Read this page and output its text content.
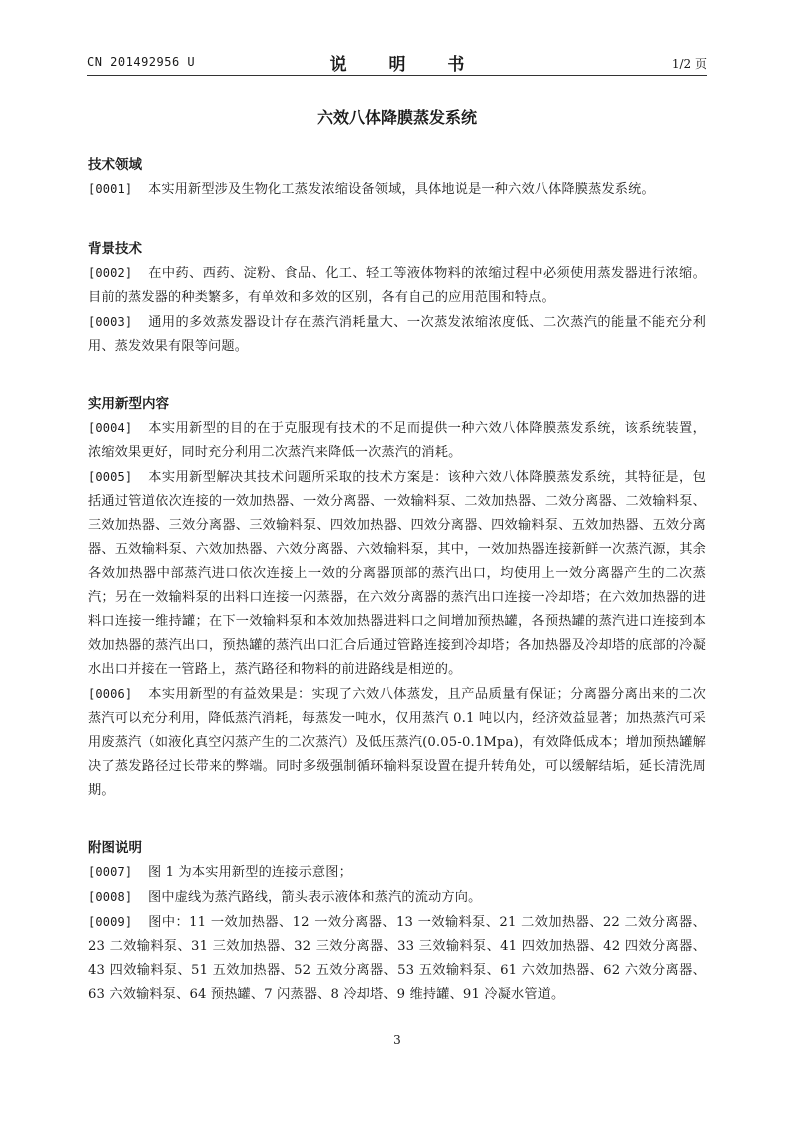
CN 201492956 U	说 明 书	1/2 页
六效八体降膜蒸发系统
技术领域
[0001] 本实用新型涉及生物化工蒸发浓缩设备领域，具体地说是一种六效八体降膜蒸发系统。
背景技术
[0002] 在中药、西药、淀粉、食品、化工、轻工等液体物料的浓缩过程中必须使用蒸发器进行浓缩。目前的蒸发器的种类繁多，有单效和多效的区别，各有自己的应用范围和特点。
[0003] 通用的多效蒸发器设计存在蒸汽消耗量大、一次蒸发浓缩浓度低、二次蒸汽的能量不能充分利用、蒸发效果有限等问题。
实用新型内容
[0004] 本实用新型的目的在于克服现有技术的不足而提供一种六效八体降膜蒸发系统，该系统装置，浓缩效果更好，同时充分利用二次蒸汽来降低一次蒸汽的消耗。
[0005] 本实用新型解决其技术问题所采取的技术方案是：该种六效八体降膜蒸发系统，其特征是，包括通过管道依次连接的一效加热器、一效分离器、一效输料泵、二效加热器、二效分离器、二效输料泵、三效加热器、三效分离器、三效输料泵、四效加热器、四效分离器、四效输料泵、五效加热器、五效分离器、五效输料泵、六效加热器、六效分离器、六效输料泵，其中，一效加热器连接新鲜一次蒸汽源，其余各效加热器中部蒸汽进口依次连接上一效的分离器顶部的蒸汽出口，均使用上一效分离器产生的二次蒸汽；另在一效输料泵的出料口连接一闪蒸器，在六效分离器的蒸汽出口连接一冷却塔；在六效加热器的进料口连接一维持罐；在下一效输料泵和本效加热器进料口之间增加预热罐，各预热罐的蒸汽进口连接到本效加热器的蒸汽出口，预热罐的蒸汽出口汇合后通过管路连接到冷却塔；各加热器及冷却塔的底部的冷凝水出口并接在一管路上，蒸汽路径和物料的前进路线是相逆的。
[0006] 本实用新型的有益效果是：实现了六效八体蒸发，且产品质量有保证；分离器分离出来的二次蒸汽可以充分利用，降低蒸汽消耗，每蒸发一吨水，仅用蒸汽 0.1 吨以内，经济效益显著；加热蒸汽可采用废蒸汽（如液化真空闪蒸产生的二次蒸汽）及低压蒸汽(0.05-0.1Mpa)，有效降低成本；增加预热罐解决了蒸发路径过长带来的弊端。同时多级强制循环输料泵设置在提升转角处，可以缓解结垢，延长清洗周期。
附图说明
[0007] 图 1 为本实用新型的连接示意图；
[0008] 图中虚线为蒸汽路线，箭头表示液体和蒸汽的流动方向。
[0009] 图中：11 一效加热器、12 一效分离器、13 一效输料泵、21 二效加热器、22 二效分离器、23 二效输料泵、31 三效加热器、32 三效分离器、33 三效输料泵、41 四效加热器、42 四效分离器、43 四效输料泵、51 五效加热器、52 五效分离器、53 五效输料泵、61 六效加热器、62 六效分离器、63 六效输料泵、64 预热罐、7 闪蒸器、8 冷却塔、9 维持罐、91 冷凝水管道。
3
